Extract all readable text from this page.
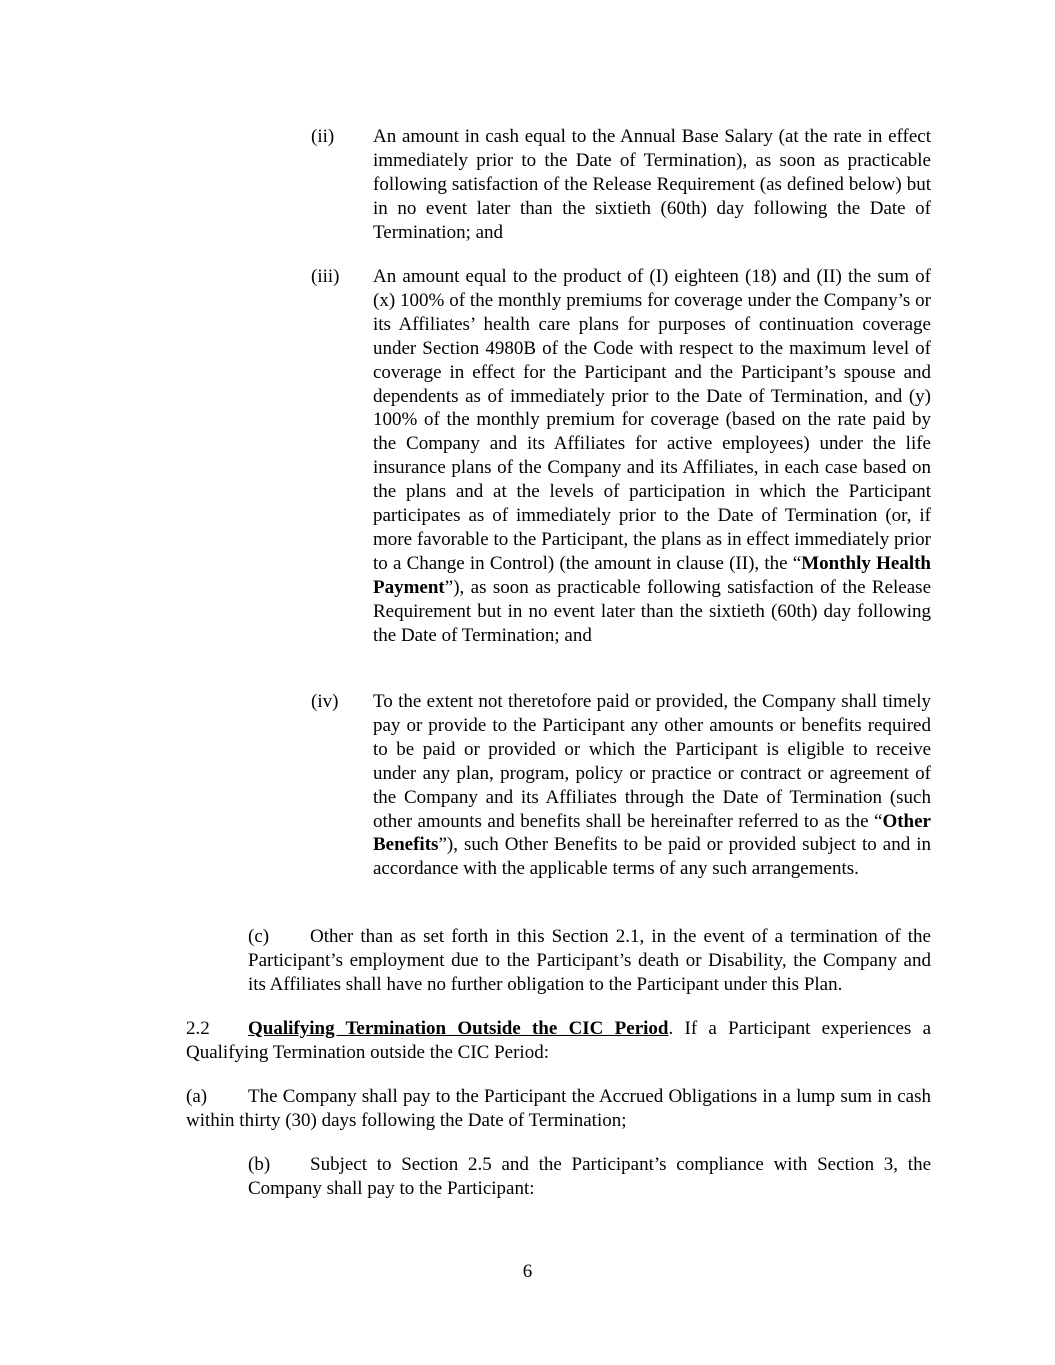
(ii) An amount in cash equal to the Annual Base Salary (at the rate in effect immediately prior to the Date of Termination), as soon as practicable following satisfaction of the Release Requirement (as defined below) but in no event later than the sixtieth (60th) day following the Date of Termination; and

(iii) An amount equal to the product of (I) eighteen (18) and (II) the sum of (x) 100% of the monthly premiums for coverage under the Company’s or its Affiliates’ health care plans for purposes of continuation coverage under Section 4980B of the Code with respect to the maximum level of coverage in effect for the Participant and the Participant’s spouse and dependents as of immediately prior to the Date of Termination, and (y) 100% of the monthly premium for coverage (based on the rate paid by the Company and its Affiliates for active employees) under the life insurance plans of the Company and its Affiliates, in each case based on the plans and at the levels of participation in which the Participant participates as of immediately prior to the Date of Termination (or, if more favorable to the Participant, the plans as in effect immediately prior to a Change in Control) (the amount in clause (II), the “Monthly Health Payment”), as soon as practicable following satisfaction of the Release Requirement but in no event later than the sixtieth (60th) day following the Date of Termination; and

(iv) To the extent not theretofore paid or provided, the Company shall timely pay or provide to the Participant any other amounts or benefits required to be paid or provided or which the Participant is eligible to receive under any plan, program, policy or practice or contract or agreement of the Company and its Affiliates through the Date of Termination (such other amounts and benefits shall be hereinafter referred to as the “Other Benefits”), such Other Benefits to be paid or provided subject to and in accordance with the applicable terms of any such arrangements.

(c) Other than as set forth in this Section 2.1, in the event of a termination of the Participant’s employment due to the Participant’s death or Disability, the Company and its Affiliates shall have no further obligation to the Participant under this Plan.

2.2 Qualifying Termination Outside the CIC Period. If a Participant experiences a Qualifying Termination outside the CIC Period:

(a) The Company shall pay to the Participant the Accrued Obligations in a lump sum in cash within thirty (30) days following the Date of Termination;

(b) Subject to Section 2.5 and the Participant’s compliance with Section 3, the Company shall pay to the Participant:

6
